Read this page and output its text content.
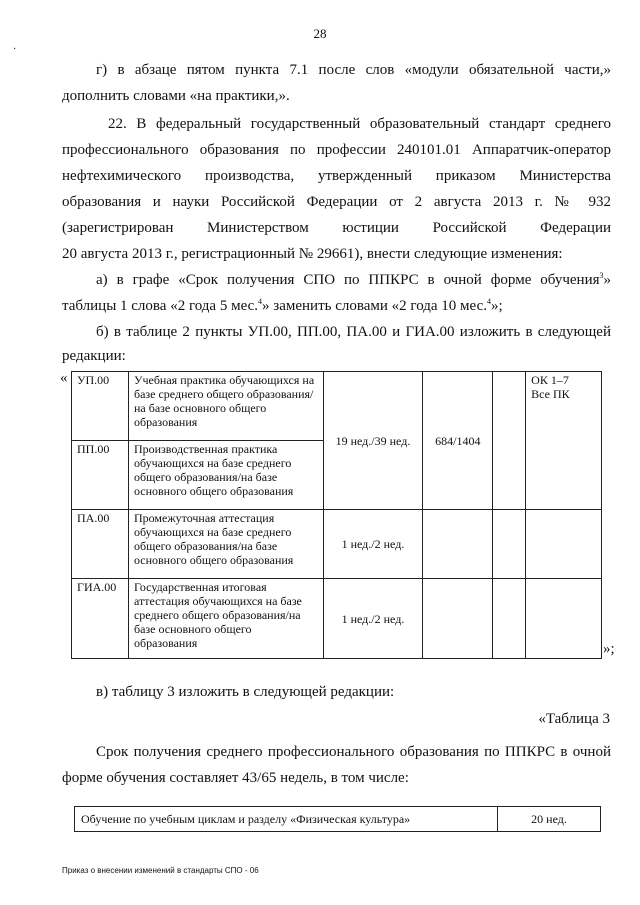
·
28
г) в абзаце пятом пункта 7.1 после слов «модули обязательной части,»
дополнить словами «на практики,».
22. В федеральный государственный образовательный стандарт среднего
профессионального образования по профессии 240101.01 Аппаратчик-оператор
нефтехимического производства, утвержденный приказом Министерства
образования и науки Российской Федерации от 2 августа 2013 г. № 932
(зарегистрирован Министерством юстиции Российской Федерации
20 августа 2013 г., регистрационный № 29661), внести следующие изменения:
а) в графе «Срок получения СПО по ППКРС в очной форме обучения$^3$»
таблицы 1 слова «2 года 5 мес.$^4$» заменить словами «2 года 10 мес.$^4$»;
б) в таблице 2 пункты УП.00, ПП.00, ПА.00 и ГИА.00 изложить в следующей
редакции:
« УП.00	Учебная практика обучающихся на базе среднего общего образования/на базе основного общего образования	19 нед./39 нед.	684/1404		ОК 1–7
Все ПК
ПП.00	Производственная практика обучающихся на базе среднего общего образования/на базе основного общего образования				
ПА.00	Промежуточная аттестация обучающихся на базе среднего общего образования/на базе основного общего образования	1 нед./2 нед.			
ГИА.00	Государственная итоговая аттестация обучающихся на базе среднего общего образования/на базе основного общего образования	1 нед./2 нед.			
»;
в) таблицу 3 изложить в следующей редакции:
«Таблица 3
Срок получения среднего профессионального образования по ППКРС в очной
форме обучения составляет 43/65 недель, в том числе:
Обучение по учебным циклам и разделу «Физическая культура»	20 нед.
Приказ о внесении изменений в стандарты СПО - 06
